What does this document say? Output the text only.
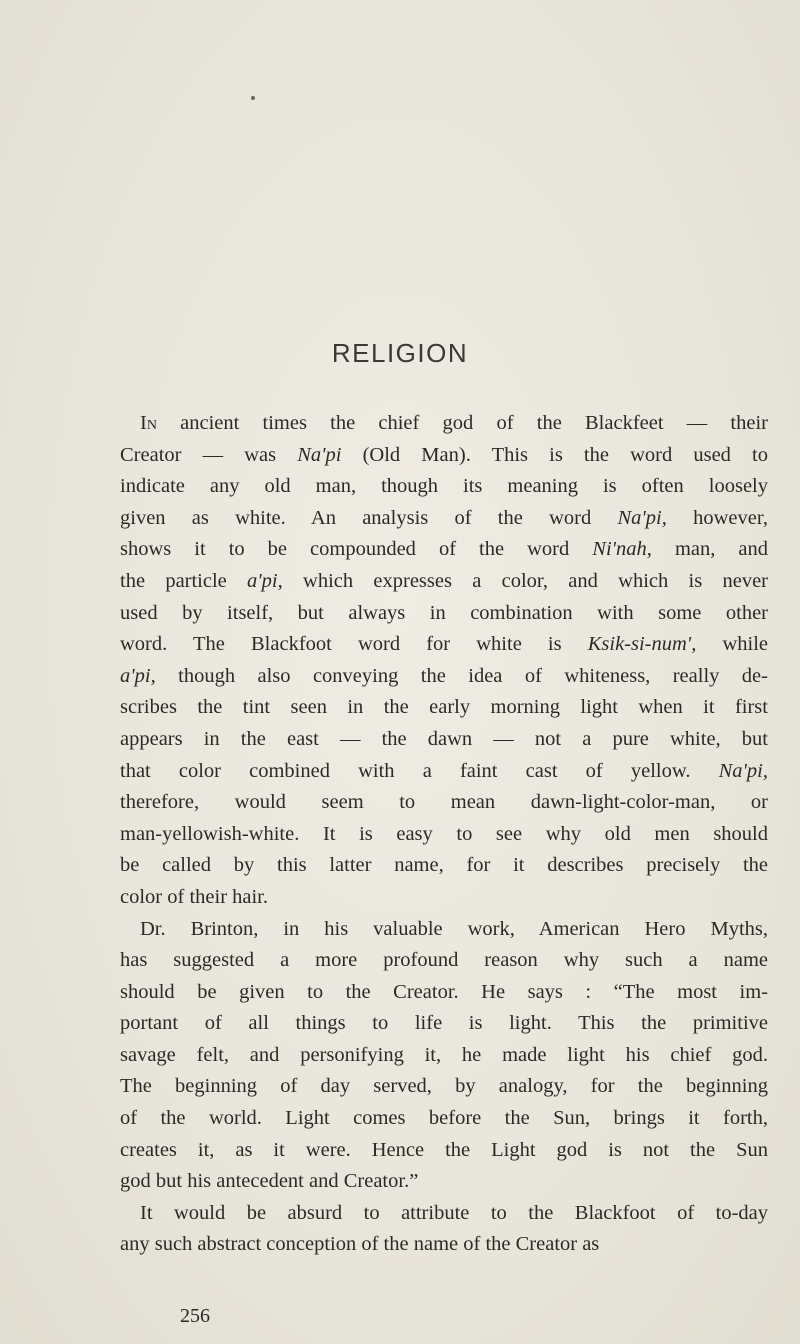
RELIGION

In ancient times the chief god of the Blackfeet — their
Creator — was Na'pi (Old Man). This is the word used to
indicate any old man, though its meaning is often loosely
given as white. An analysis of the word Na'pi, however,
shows it to be compounded of the word Ni'nah, man, and
the particle a'pi, which expresses a color, and which is never
used by itself, but always in combination with some other
word. The Blackfoot word for white is Ksik-si-num', while
a'pi, though also conveying the idea of whiteness, really de-
scribes the tint seen in the early morning light when it first
appears in the east — the dawn — not a pure white, but
that color combined with a faint cast of yellow. Na'pi,
therefore, would seem to mean dawn-light-color-man, or
man-yellowish-white. It is easy to see why old men should
be called by this latter name, for it describes precisely the
color of their hair.

Dr. Brinton, in his valuable work, American Hero Myths,
has suggested a more profound reason why such a name
should be given to the Creator. He says : “The most im-
portant of all things to life is light. This the primitive
savage felt, and personifying it, he made light his chief god.
The beginning of day served, by analogy, for the beginning
of the world. Light comes before the Sun, brings it forth,
creates it, as it were. Hence the Light god is not the Sun
god but his antecedent and Creator.”

It would be absurd to attribute to the Blackfoot of to-day
any such abstract conception of the name of the Creator as

256
